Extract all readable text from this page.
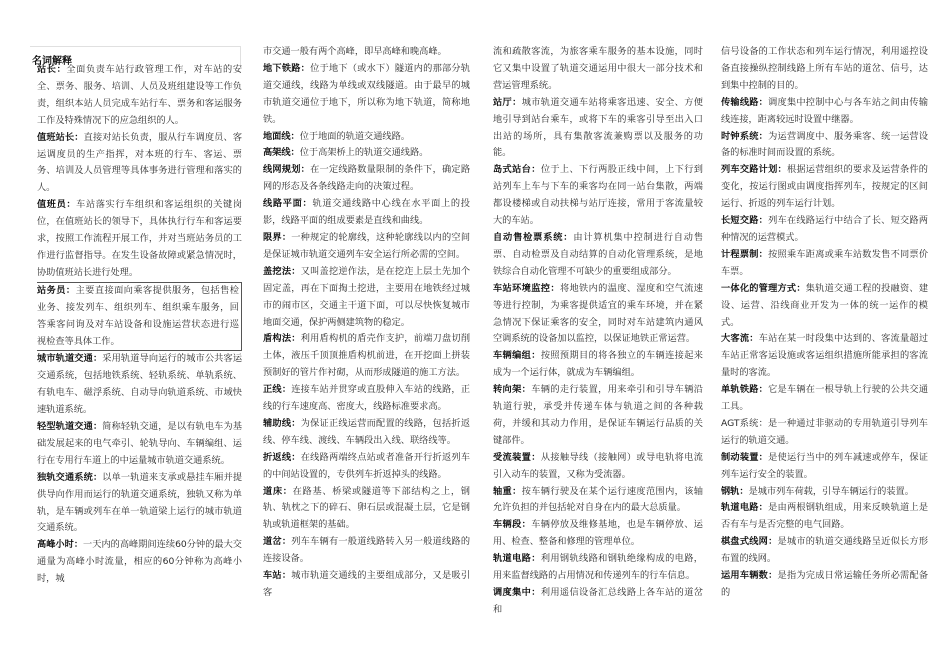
名词解释
站长：全面负责车站行政管理工作，对车站的安全、票务、服务、培训、人员及班组建设等工作负责，组织本站人员完成车站行车、票务和客运服务工作及特殊情况下的应急组织的人。
值班站长：直接对站长负责，服从行车调度员、客运调度员的生产指挥，对本班的行车、客运、票务、培训及人员管理等具体事务进行管理和落实的人。
值班员：车站落实行车组织和客运组织的关键岗位，在值班站长的领导下，具体执行行车和客运要求，按照工作流程开展工作，并对当班站务员的工作进行监督指导。在发生设备故障或紧急情况时，协助值班站长进行处理。
站务员：主要直接面向乘客提供服务，包括售检业务、接发列车、组织列车、组织乘车服务，回答乘客问询及对车站设备和设施运营状态进行巡视检查等具体工作。
城市轨道交通：采用轨道导向运行的城市公共客运交通系统，包括地铁系统、轻轨系统、单轨系统、有轨电车、磁浮系统、自动导向轨道系统、市域快速轨道系统。
轻型轨道交通：简称轻轨交通，是以有轨电车为基础发展起来的电气牵引、轮轨导向、车辆编组、运行在专用行车道上的中运量城市轨道交通系统。
独轨交通系统：以单一轨道来支承或悬挂车厢并提供导向作用而运行的轨道交通系统，独轨又称为单轨，是车辆或列车在单一轨道梁上运行的城市轨道交通系统。
高峰小时：一天内的高峰期间连续60分钟的最大交通量为高峰小时流量，相应的60分钟称为高峰小时，城
市交通一般有两个高峰，即早高峰和晚高峰。
地下铁路：位于地下（或水下）隧道内的那部分轨道交通线，线路为单线或双线隧道。由于最早的城市轨道交通位于地下，所以称为地下轨道，简称地铁。
地面线：位于地面的轨道交通线路。
高架线：位于高架桥上的轨道交通线路。
线网规划：在一定线路数量限制的条件下，确定路网的形态及各条线路走向的决策过程。
线路平面：轨道交通线路中心线在水平面上的投影，线路平面的组成要素是直线和曲线。
限界：一种规定的轮廓线，这种轮廓线以内的空间是保证城市轨道交通列车安全运行所必需的空间。
盖挖法：又叫盖挖逆作法，是在挖迮上层土先加个固定盖，再在下面掏土挖进，主要用在地铁经过城市的闹市区，交通主干道下面，可以尽快恢复城市地面交通，保护两侧建筑物的稳定。
盾构法：利用盾构机的盾壳作支护，前端刀盘切削土体，液压千顶顶推盾构机前进，在开挖面上拼装预制好的管片作衬砌，从而形成隧道的施工方法。
正线：连接车站并贯穿或直股伸入车站的线路，正线的行车速度高、密度大，线路标准要求高。
辅助线：为保证正线运营而配置的线路，包括折返线、停车线、渡线、车辆段出入线、联络线等。
折返线：在线路两端终点站或者准备开行折返列车的中间站设置的，专供列车折返掉头的线路。
道床：在路基、桥梁或隧道等下部结构之上，钢轨、轨枕之下的碎石、卵石层或混凝土层，它是钢轨或轨道框架的基础。
道岔：列车车辆有一般道线路转入另一般道线路的连接设备。
车站：城市轨道交通线的主要组成部分，又是吸引客
流和疏散客流，为旅客乘车服务的基本设施，同时它又集中设置了轨道交通运用中很大一部分技术和营运管理系统。
站厅：城市轨道交通车站将乘客迅速、安全、方便地引导到站台乘车，或将下车的乘客引导至出入口出站的场所，具有集散客流兼购票以及服务的功能。
岛式站台：位于上、下行两股正线中间，上下行到站列车上车与下车的乘客均在同一站台集散，两端都设楼梯或自动扶梯与站厅连接，常用于客流量较大的车站。
自动售检票系统：由计算机集中控制进行自动售票、自动检票及自动结算的自动化管理系统，是地铁综合自动化管理不可缺少的重要组成部分。
车站环境监控：将地铁内的温度、湿度和空气流速等进行控制，为乘客提供适宜的乘车环境，并在紧急情况下保证乘客的安全，同时对车站建筑内通风空调系统的设备加以监控，以保证地铁正常运营。
车辆编组：按照预期目的将各独立的车辆连接起来成为一个运行体，就成为车辆编组。
转向架：车辆的走行装置，用来牵引和引导车辆沿轨道行驶，承受并传递车体与轨道之间的各种载荷，并缓和其动力作用，是保证车辆运行品质的关键部件。
受流装置：从接触导线（接触网）或导电轨将电流引入动车的装置，又称为受流器。
轴重：按车辆行驶及在某个运行速度范围内，该轴允许负担的并包括轮对自身在内的最大总质量。
车辆段：车辆停放及维修基地，也是车辆停放、运用、检查、整备和修理的管理单位。
轨道电路：利用钢轨线路和钢轨绝缘构成的电路，用来监督线路的占用情况和传递列车的行车信息。
调度集中：利用遥信设备汇总线路上各车站的道岔和
信号设备的工作状态和列车运行情况，利用遥控设备直接操纵控制线路上所有车站的道岔、信号，达到集中控制的目的。
传输线路：调度集中控制中心与各车站之间由传输线连接，距离较远时设置中继器。
时钟系统：为运营调度中、服务乘客、统一运营设备的标准时间而设置的系统。
列车交路计划：根据运营组织的要求及运营条件的变化，按运行图或由调度指挥列车，按规定的区间运行、折返的列车运行计划。
长短交路：列车在线路运行中结合了长、短交路两种情况的运营模式。
计程票制：按照乘车距离或乘车站数发售不同票价车票。
一体化的管理方式：集轨道交通工程的投融资、建设、运营、沿线商业开发为一体的统一运作的模式。
大客流：车站在某一时段集中达到的、客流量超过车站正常客运设施或客运组织措施所能承担的客流量时的客流。
单轨铁路：它是车辆在一根导轨上行驶的公共交通工具。
AGT系统：是一种通过非驱动的专用轨道引导列车运行的轨道交通。
制动装置：是使运行当中的列车减速或停车，保证列车运行安全的装置。
钢轨：是城市列车荷载，引导车辆运行的装置。
轨道电路：是由两根钢轨组成，用来反映轨道上是否有车与是否完整的电气回路。
棋盘式线网：是城市的轨道交通线路呈近似长方形布置的线网。
运用车辆数：是指为完成日常运输任务所必需配备的
